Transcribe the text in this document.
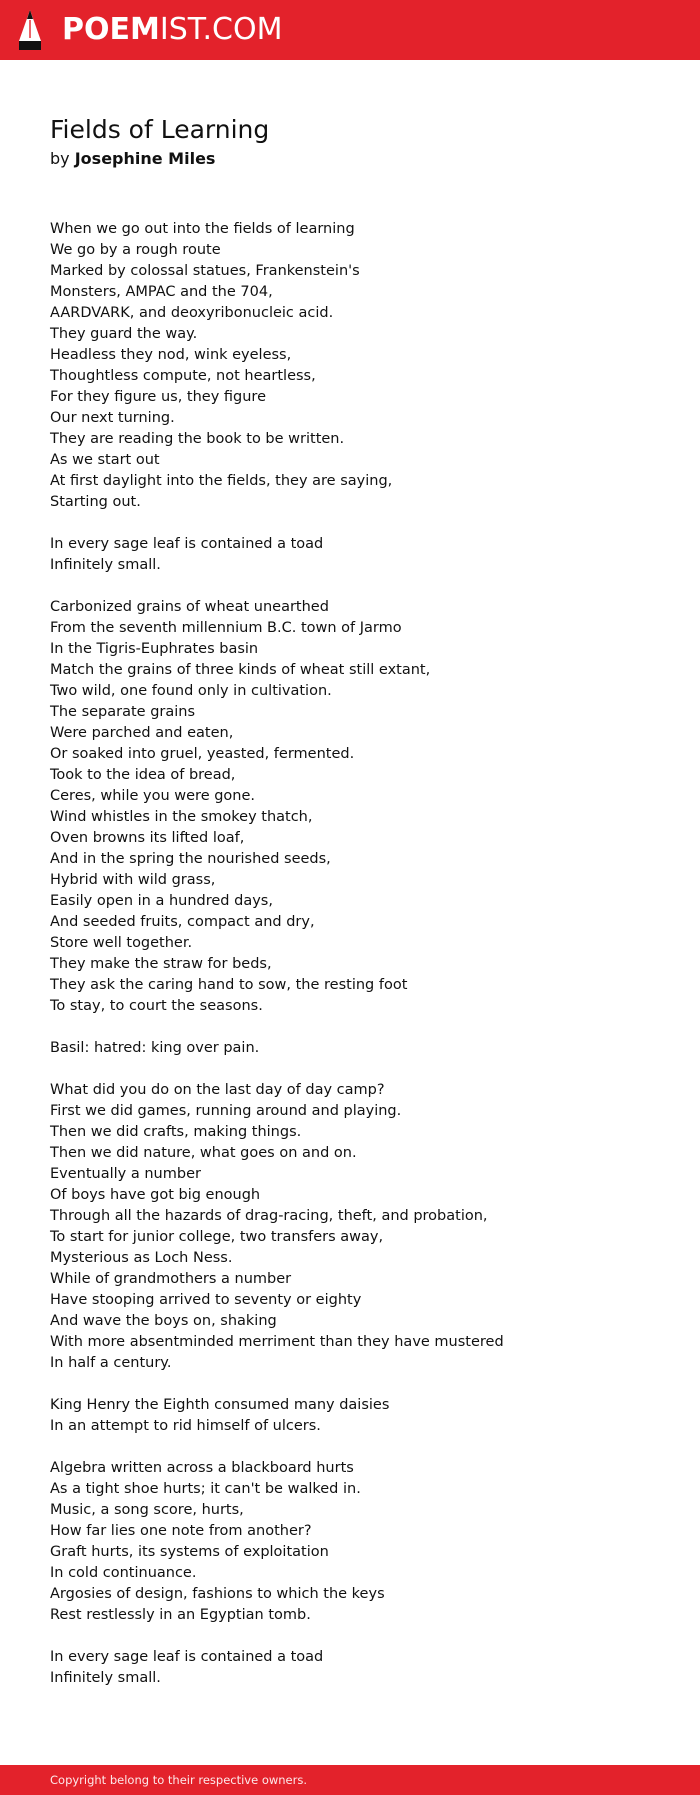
POEMIST.COM
Fields of Learning
by Josephine Miles
When we go out into the fields of learning
We go by a rough route
Marked by colossal statues, Frankenstein's
Monsters, AMPAC and the 704,
AARDVARK, and deoxyribonucleic acid.
They guard the way.
Headless they nod, wink eyeless,
Thoughtless compute, not heartless,
For they figure us, they figure
Our next turning.
They are reading the book to be written.
As we start out
At first daylight into the fields, they are saying,
Starting out.
In every sage leaf is contained a toad
Infinitely small.
Carbonized grains of wheat unearthed
From the seventh millennium B.C. town of Jarmo
In the Tigris-Euphrates basin
Match the grains of three kinds of wheat still extant,
Two wild, one found only in cultivation.
The separate grains
Were parched and eaten,
Or soaked into gruel, yeasted, fermented.
Took to the idea of bread,
Ceres, while you were gone.
Wind whistles in the smokey thatch,
Oven browns its lifted loaf,
And in the spring the nourished seeds,
Hybrid with wild grass,
Easily open in a hundred days,
And seeded fruits, compact and dry,
Store well together.
They make the straw for beds,
They ask the caring hand to sow, the resting foot
To stay, to court the seasons.
Basil: hatred: king over pain.
What did you do on the last day of day camp?
First we did games, running around and playing.
Then we did crafts, making things.
Then we did nature, what goes on and on.
Eventually a number
Of boys have got big enough
Through all the hazards of drag-racing, theft, and probation,
To start for junior college, two transfers away,
Mysterious as Loch Ness.
While of grandmothers a number
Have stooping arrived to seventy or eighty
And wave the boys on, shaking
With more absentminded merriment than they have mustered
In half a century.
King Henry the Eighth consumed many daisies
In an attempt to rid himself of ulcers.
Algebra written across a blackboard hurts
As a tight shoe hurts; it can't be walked in.
Music, a song score, hurts,
How far lies one note from another?
Graft hurts, its systems of exploitation
In cold continuance.
Argosies of design, fashions to which the keys
Rest restlessly in an Egyptian tomb.
In every sage leaf is contained a toad
Infinitely small.
Copyright belong to their respective owners.
